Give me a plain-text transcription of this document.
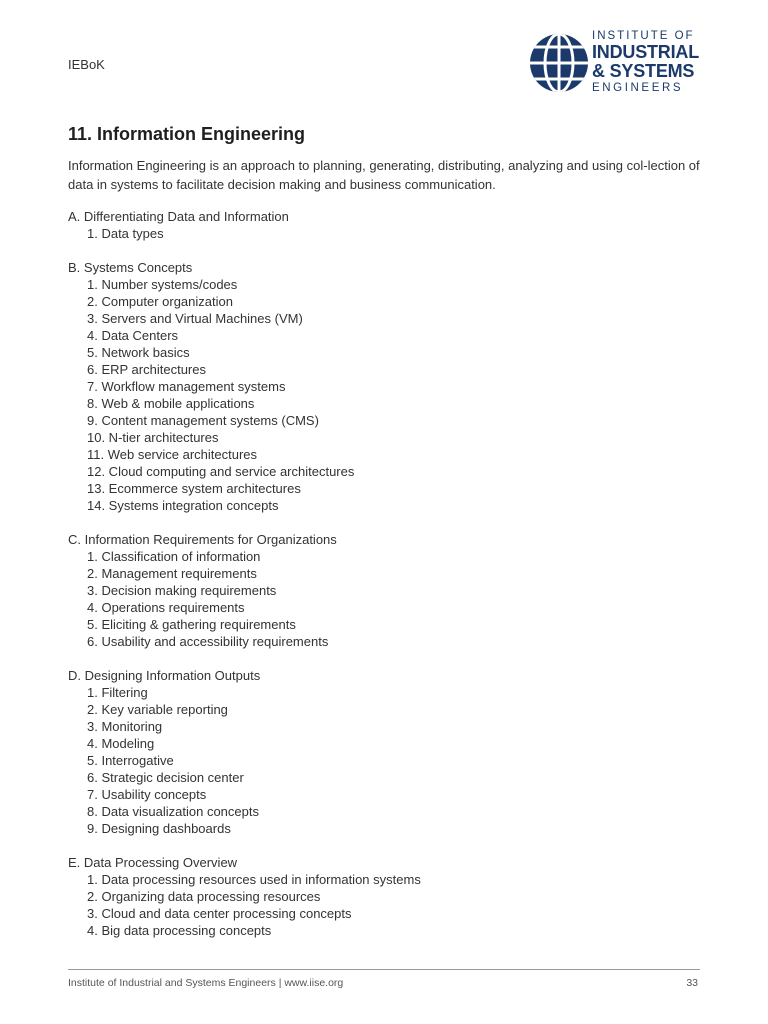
IEBoK
INSTITUTE OF
INDUSTRIAL
& SYSTEMS
ENGINEERS
11. Information Engineering
Information Engineering is an approach to planning, generating, distributing, analyzing and using col-lection of data in systems to facilitate decision making and business communication.
A. Differentiating Data and Information
1. Data types
B. Systems Concepts
1. Number systems/codes
2. Computer organization
3. Servers and Virtual Machines (VM)
4. Data Centers
5. Network basics
6. ERP architectures
7. Workflow management systems
8. Web & mobile applications
9. Content management systems (CMS)
10. N-tier architectures
11. Web service architectures
12. Cloud computing and service architectures
13. Ecommerce system architectures
14. Systems integration concepts
C. Information Requirements for Organizations
1. Classification of information
2. Management requirements
3. Decision making requirements
4. Operations requirements
5. Eliciting & gathering requirements
6. Usability and accessibility requirements
D. Designing Information Outputs
1. Filtering
2. Key variable reporting
3. Monitoring
4. Modeling
5. Interrogative
6. Strategic decision center
7. Usability concepts
8. Data visualization concepts
9. Designing dashboards
E. Data Processing Overview
1. Data processing resources used in information systems
2. Organizing data processing resources
3. Cloud and data center processing concepts
4. Big data processing concepts
Institute of Industrial and Systems Engineers | www.iise.org	33
